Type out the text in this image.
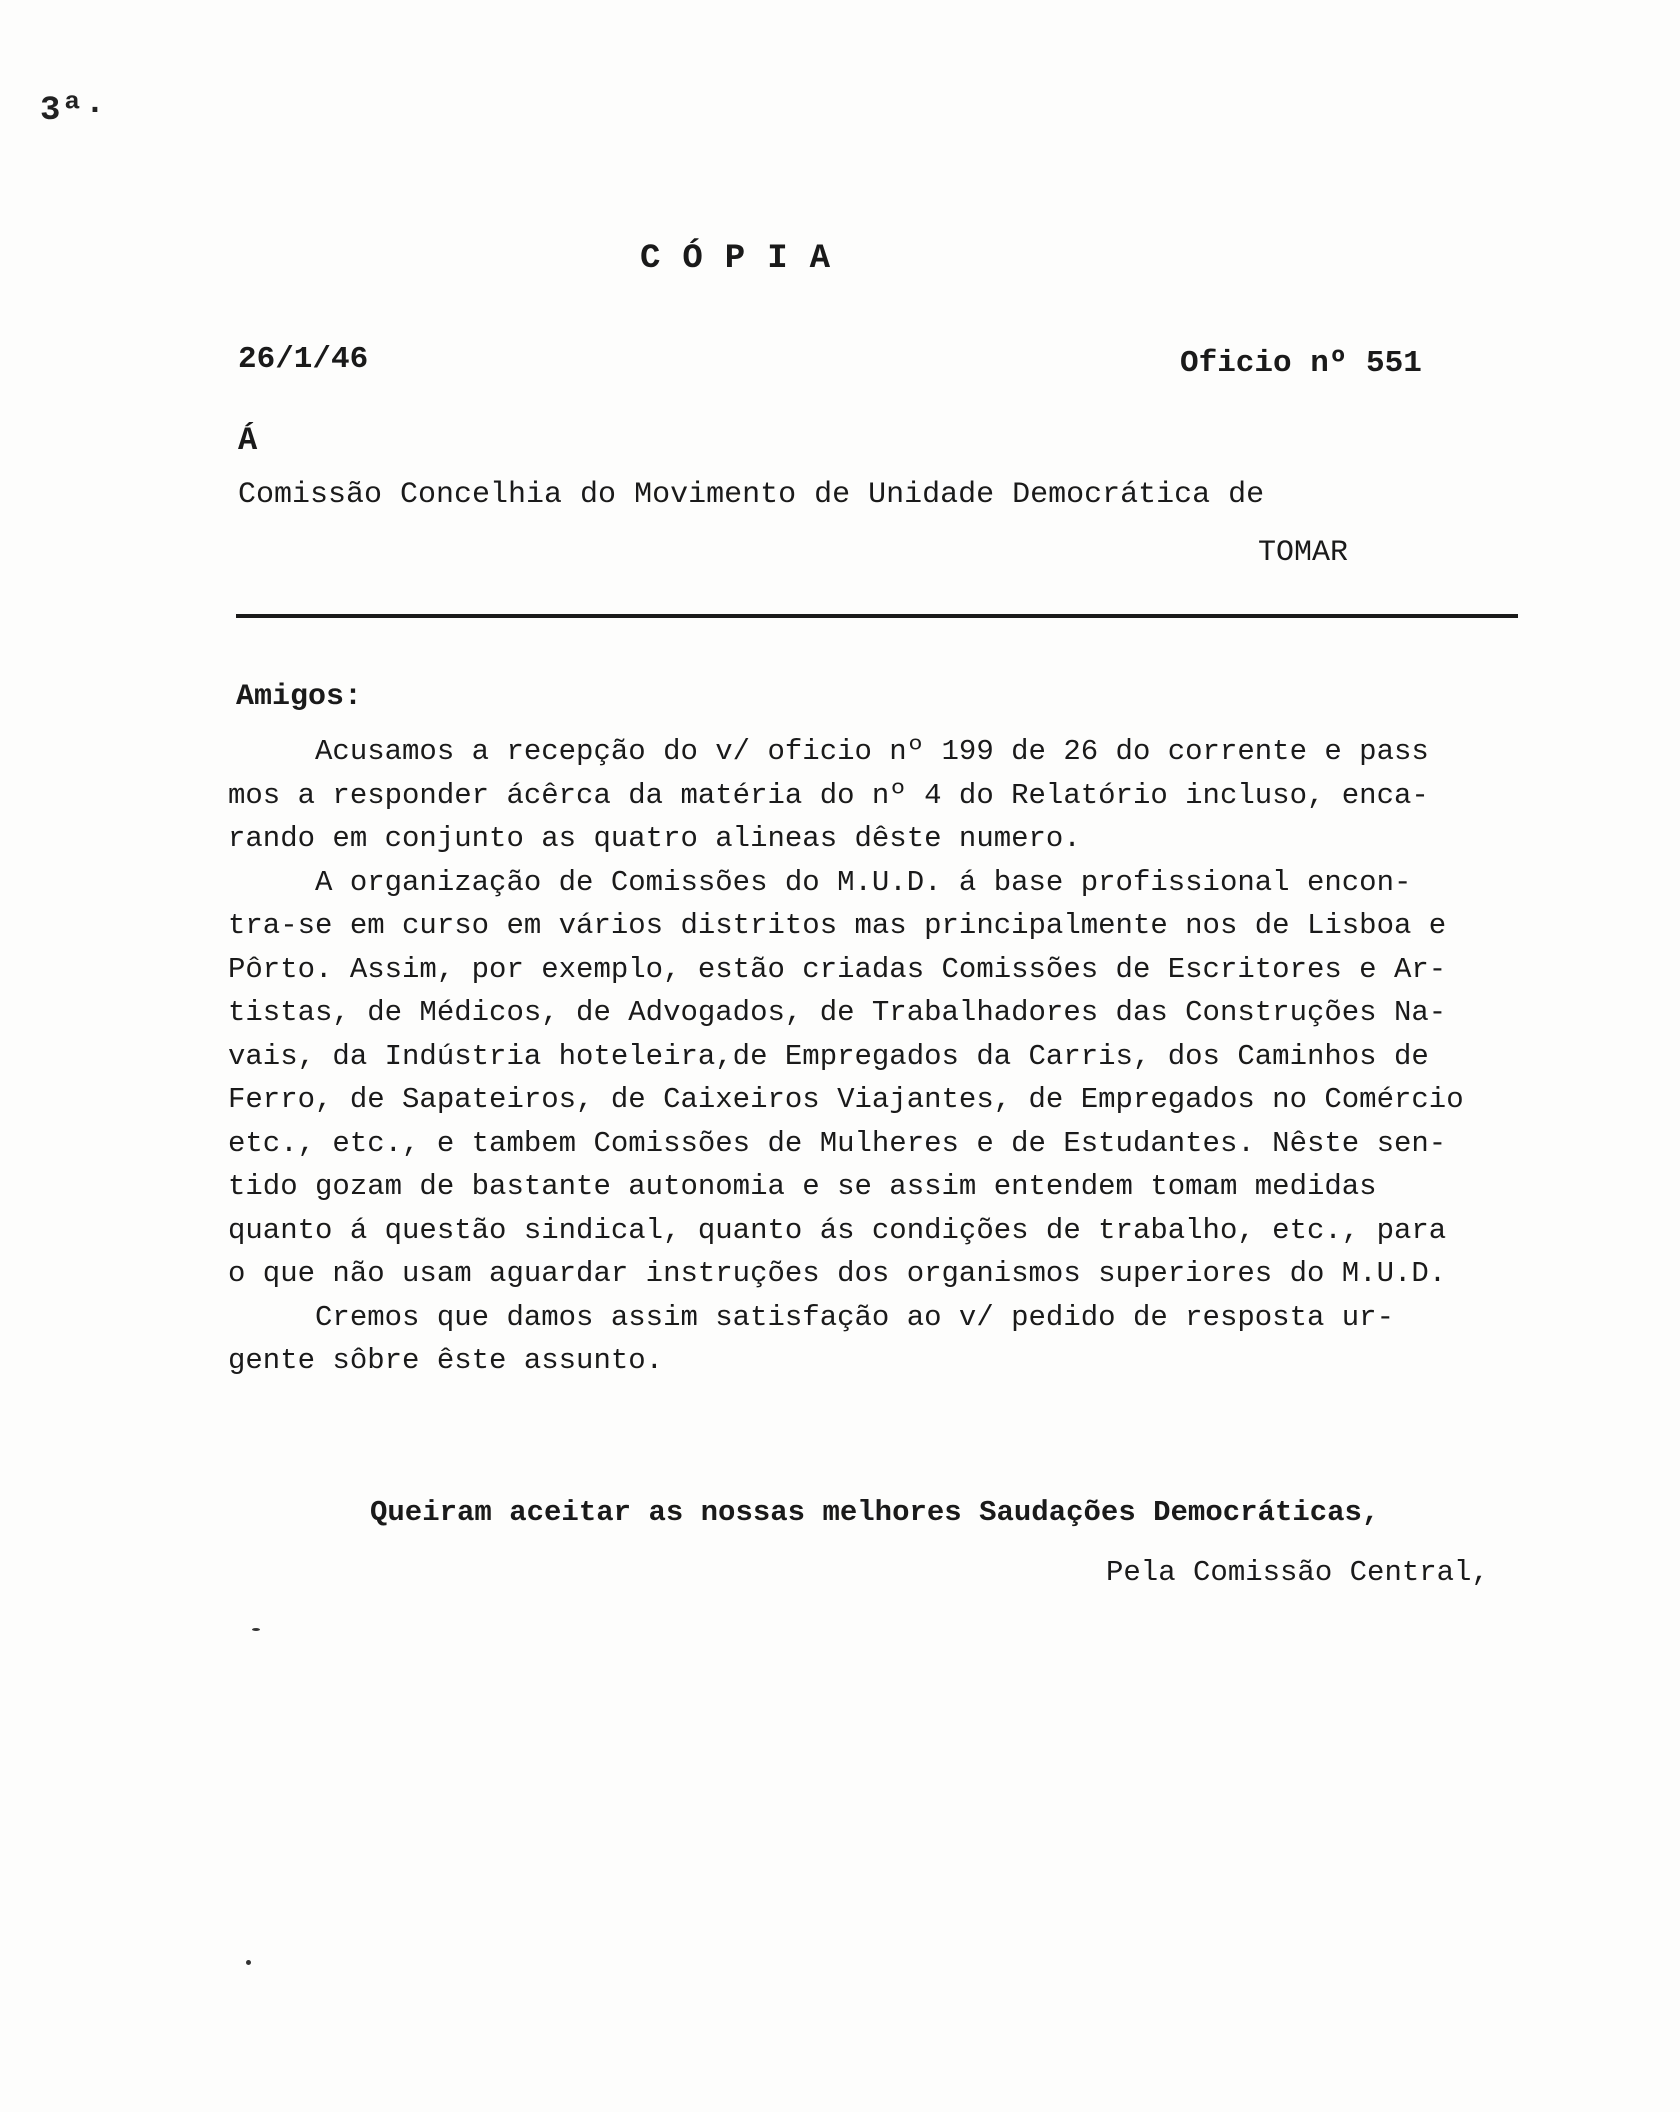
3ª·
CÓPIA
26/1/46	Oficio nº 551
Á
Comissão Concelhia do Movimento de Unidade Democrática de
TOMAR
Amigos:
Acusamos a recepção do v/ oficio nº 199 de 26 do corrente e pass
mos a responder ácêrca da matéria do nº 4 do Relatório incluso, enca-
rando em conjunto as quatro alineas dêste numero.
A organização de Comissões do M.U.D. á base profissional encon-
tra-se em curso em vários distritos mas principalmente nos de Lisboa e
Pôrto. Assim, por exemplo, estão criadas Comissões de Escritores e Ar-
tistas, de Médicos, de Advogados, de Trabalhadores das Construções Na-
vais, da Indústria hoteleira,de Empregados da Carris, dos Caminhos de
Ferro, de Sapateiros, de Caixeiros Viajantes, de Empregados no Comércio
etc., etc., e tambem Comissões de Mulheres e de Estudantes. Nêste sen-
tido gozam de bastante autonomia e se assim entendem tomam medidas
quanto á questão sindical, quanto ás condições de trabalho, etc., para
o que não usam aguardar instruções dos organismos superiores do M.U.D.
Cremos que damos assim satisfação ao v/ pedido de resposta ur-
gente sôbre êste assunto.
Queiram aceitar as nossas melhores Saudações Democráticas,
Pela Comissão Central,
